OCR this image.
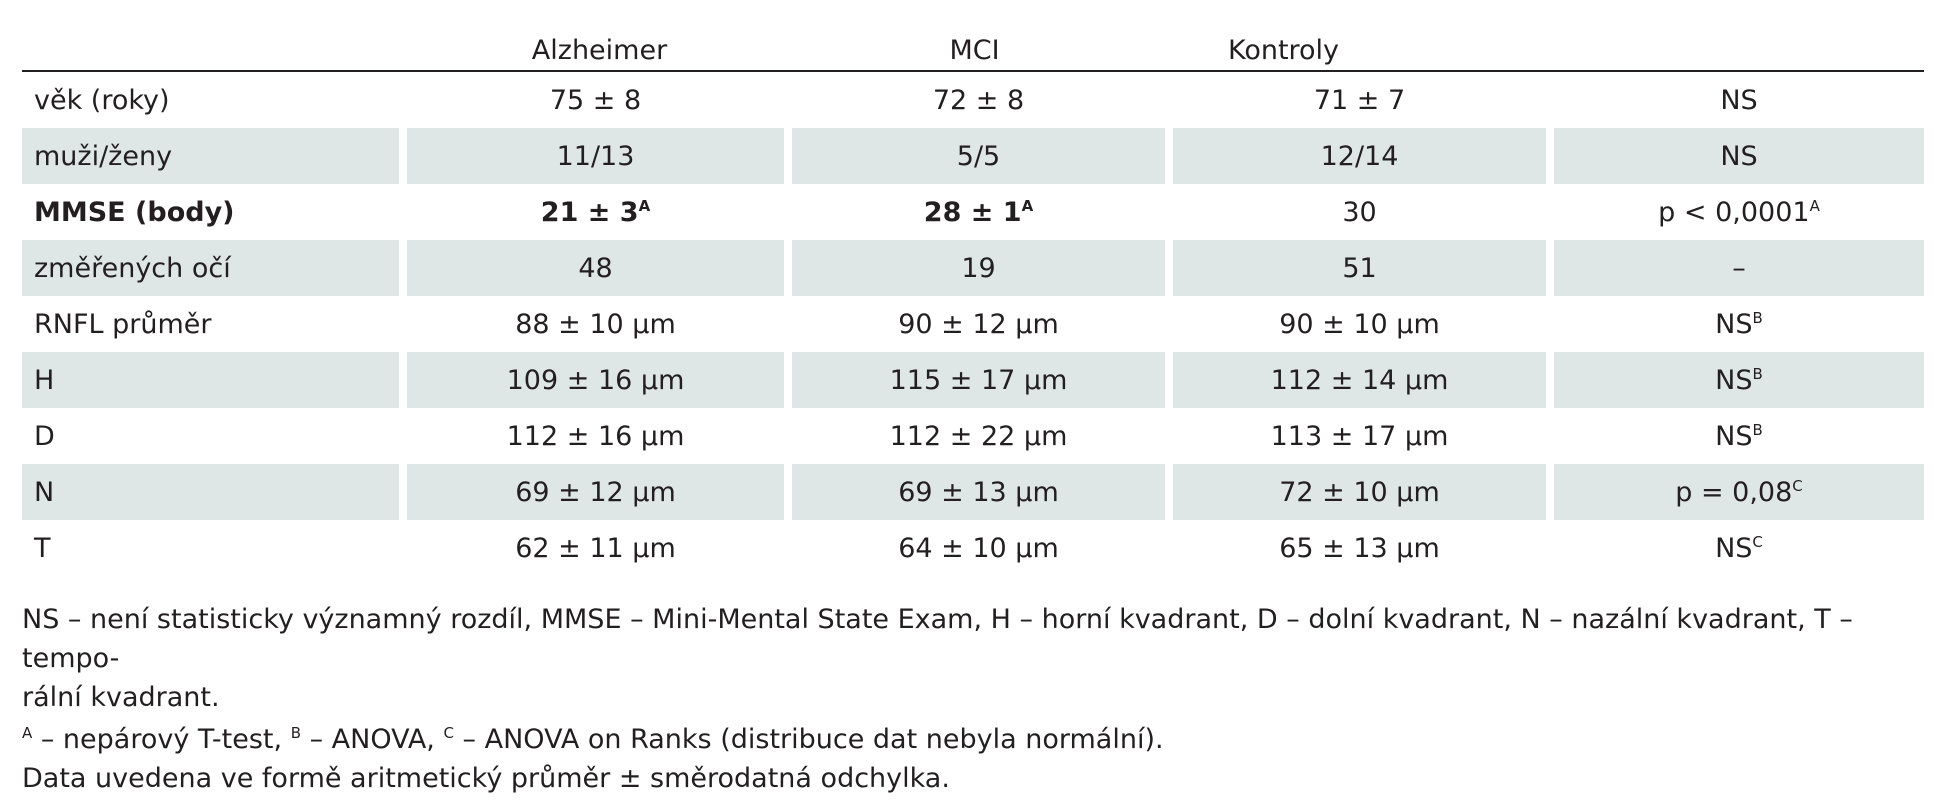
	Alzheimer	MCI	Kontroly	
věk (roky)	75 ± 8	72 ± 8	71 ± 7	NS
muži/ženy	11/13	5/5	12/14	NS
MMSE (body)	$21 \pm 3^A$	$28 \pm 1^A$	30	$p < 0,0001^A$
změřených očí	48	19	51	–
RNFL průměr	88 ± 10 μm	90 ± 12 μm	90 ± 10 μm	$NS^B$
H	109 ± 16 μm	115 ± 17 μm	112 ± 14 μm	$NS^B$
D	112 ± 16 μm	112 ± 22 μm	113 ± 17 μm	$NS^B$
N	69 ± 12 μm	69 ± 13 μm	72 ± 10 μm	$p = 0,08^C$
T	62 ± 11 μm	64 ± 10 μm	65 ± 13 μm	$NS^C$

NS – není statisticky významný rozdíl, MMSE – Mini-Mental State Exam, H – horní kvadrant, D – dolní kvadrant, N – nazální kvadrant, T – tempo-
rální kvadrant.

$^A$ – nepárový T-test, $^B$ – ANOVA, $^C$ – ANOVA on Ranks (distribuce dat nebyla normální).

Data uvedena ve formě aritmetický průměr ± směrodatná odchylka.
